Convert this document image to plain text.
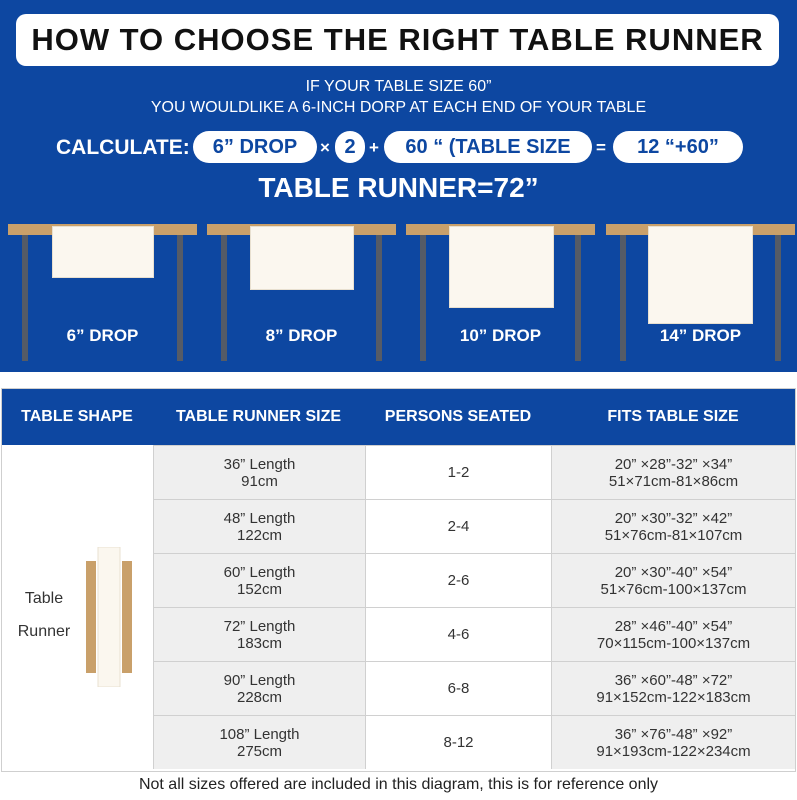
HOW TO CHOOSE THE RIGHT TABLE RUNNER
IF YOUR TABLE SIZE 60”
YOU WOULDLIKE A 6-INCH DORP AT EACH END OF YOUR TABLE
CALCULATE:	6” DROP	× 2 +	60 “ (TABLE SIZE	=	12 “+60”
TABLE RUNNER=72”
6” DROP	8” DROP	10” DROP	14” DROP
TABLE SHAPE	TABLE RUNNER SIZE	PERSONS SEATED	FITS TABLE SIZE
Table
Runner
36” Length
91cm	1-2	20” ×28”-32” ×34”
51×71cm-81×86cm
48” Length
122cm	2-4	20” ×30”-32” ×42”
51×76cm-81×107cm
60” Length
152cm	2-6	20” ×30”-40” ×54”
51×76cm-100×137cm
72” Length
183cm	4-6	28” ×46”-40” ×54”
70×115cm-100×137cm
90” Length
228cm	6-8	36” ×60”-48” ×72”
91×152cm-122×183cm
108” Length
275cm	8-12	36” ×76”-48” ×92”
91×193cm-122×234cm
Not all sizes offered are included in this diagram, this is for reference only
